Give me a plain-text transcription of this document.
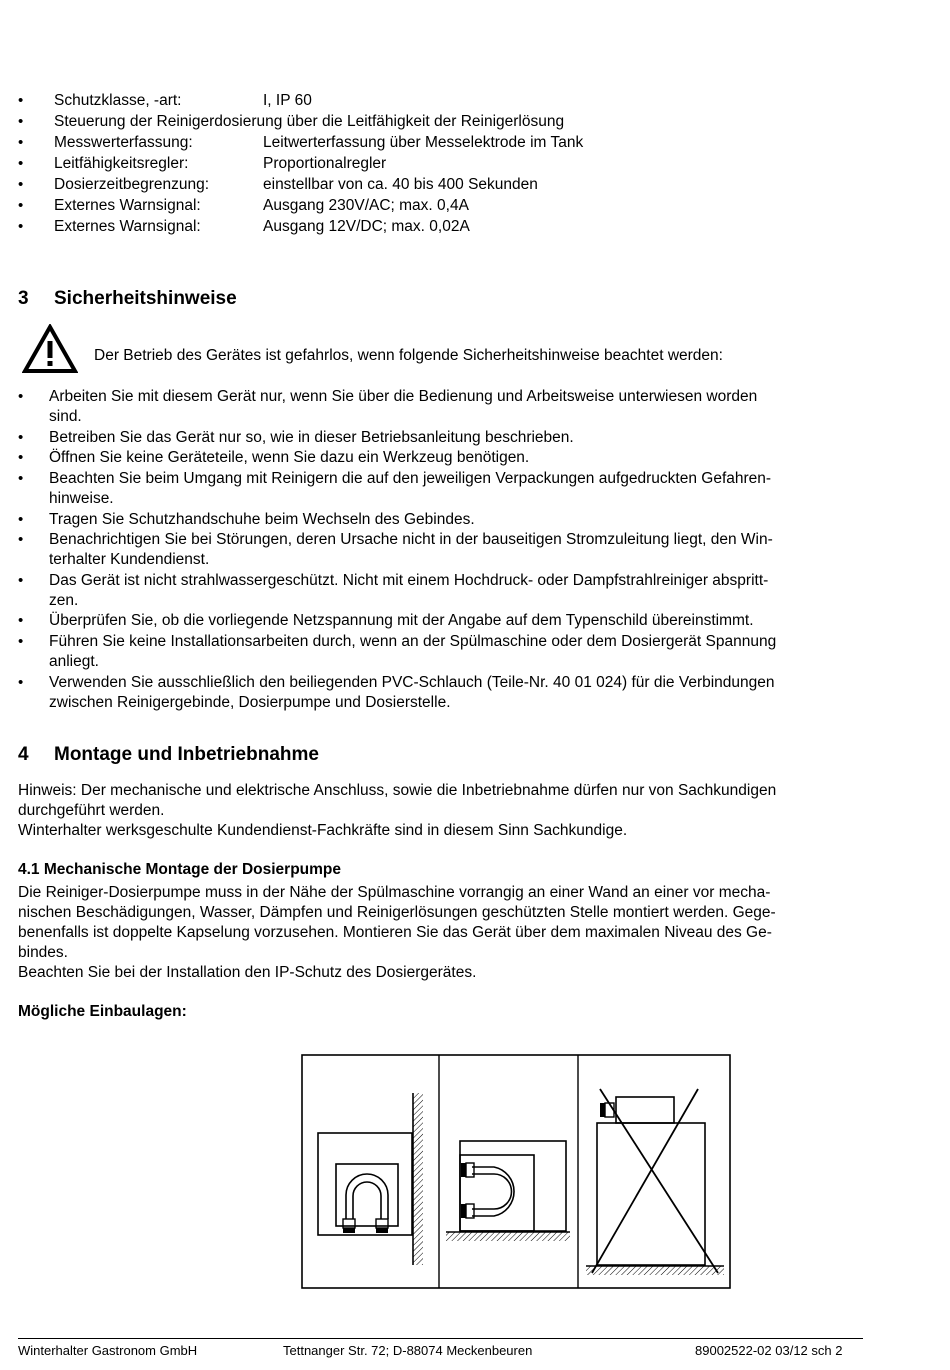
• Schutzklasse, -art:	I, IP 60
• Steuerung der Reinigerdosierung über die Leitfähigkeit der Reinigerlösung
• Messwerterfassung:	Leitwerterfassung über Messelektrode im Tank
• Leitfähigkeitsregler:	Proportionalregler
• Dosierzeitbegrenzung:	einstellbar von ca. 40 bis 400 Sekunden
• Externes Warnsignal:	Ausgang 230V/AC; max. 0,4A
• Externes Warnsignal:	Ausgang 12V/DC; max. 0,02A
3 Sicherheitshinweise
Der Betrieb des Gerätes ist gefahrlos, wenn folgende Sicherheitshinweise beachtet werden:
• Arbeiten Sie mit diesem Gerät nur, wenn Sie über die Bedienung und Arbeitsweise unterwiesen worden
sind.
• Betreiben Sie das Gerät nur so, wie in dieser Betriebsanleitung beschrieben.
• Öffnen Sie keine Geräteteile, wenn Sie dazu ein Werkzeug benötigen.
• Beachten Sie beim Umgang mit Reinigern die auf den jeweiligen Verpackungen aufgedruckten Gefahren-
hinweise.
• Tragen Sie Schutzhandschuhe beim Wechseln des Gebindes.
• Benachrichtigen Sie bei Störungen, deren Ursache nicht in der bauseitigen Stromzuleitung liegt, den Win-
terhalter Kundendienst.
• Das Gerät ist nicht strahlwassergeschützt. Nicht mit einem Hochdruck- oder Dampfstrahlreiniger abspritt-
zen.
• Überprüfen Sie, ob die vorliegende Netzspannung mit der Angabe auf dem Typenschild übereinstimmt.
• Führen Sie keine Installationsarbeiten durch, wenn an der Spülmaschine oder dem Dosiergerät Spannung
anliegt.
• Verwenden Sie ausschließlich den beiliegenden PVC-Schlauch (Teile-Nr. 40 01 024) für die Verbindungen
zwischen Reinigergebinde, Dosierpumpe und Dosierstelle.
4 Montage und Inbetriebnahme
Hinweis: Der mechanische und elektrische Anschluss, sowie die Inbetriebnahme dürfen nur von Sachkundigen
durchgeführt werden.
Winterhalter werksgeschulte Kundendienst-Fachkräfte sind in diesem Sinn Sachkundige.
4.1 Mechanische Montage der Dosierpumpe
Die Reiniger-Dosierpumpe muss in der Nähe der Spülmaschine vorrangig an einer Wand an einer vor mecha-
nischen Beschädigungen, Wasser, Dämpfen und Reinigerlösungen geschützten Stelle montiert werden. Gege-
benenfalls ist doppelte Kapselung vorzusehen. Montieren Sie das Gerät über dem maximalen Niveau des Ge-
bindes.
Beachten Sie bei der Installation den IP-Schutz des Dosiergerätes.
Mögliche Einbaulagen:
Winterhalter Gastronom GmbH	Tettnanger Str. 72; D-88074 Meckenbeuren	89002522-02 03/12 sch 2
